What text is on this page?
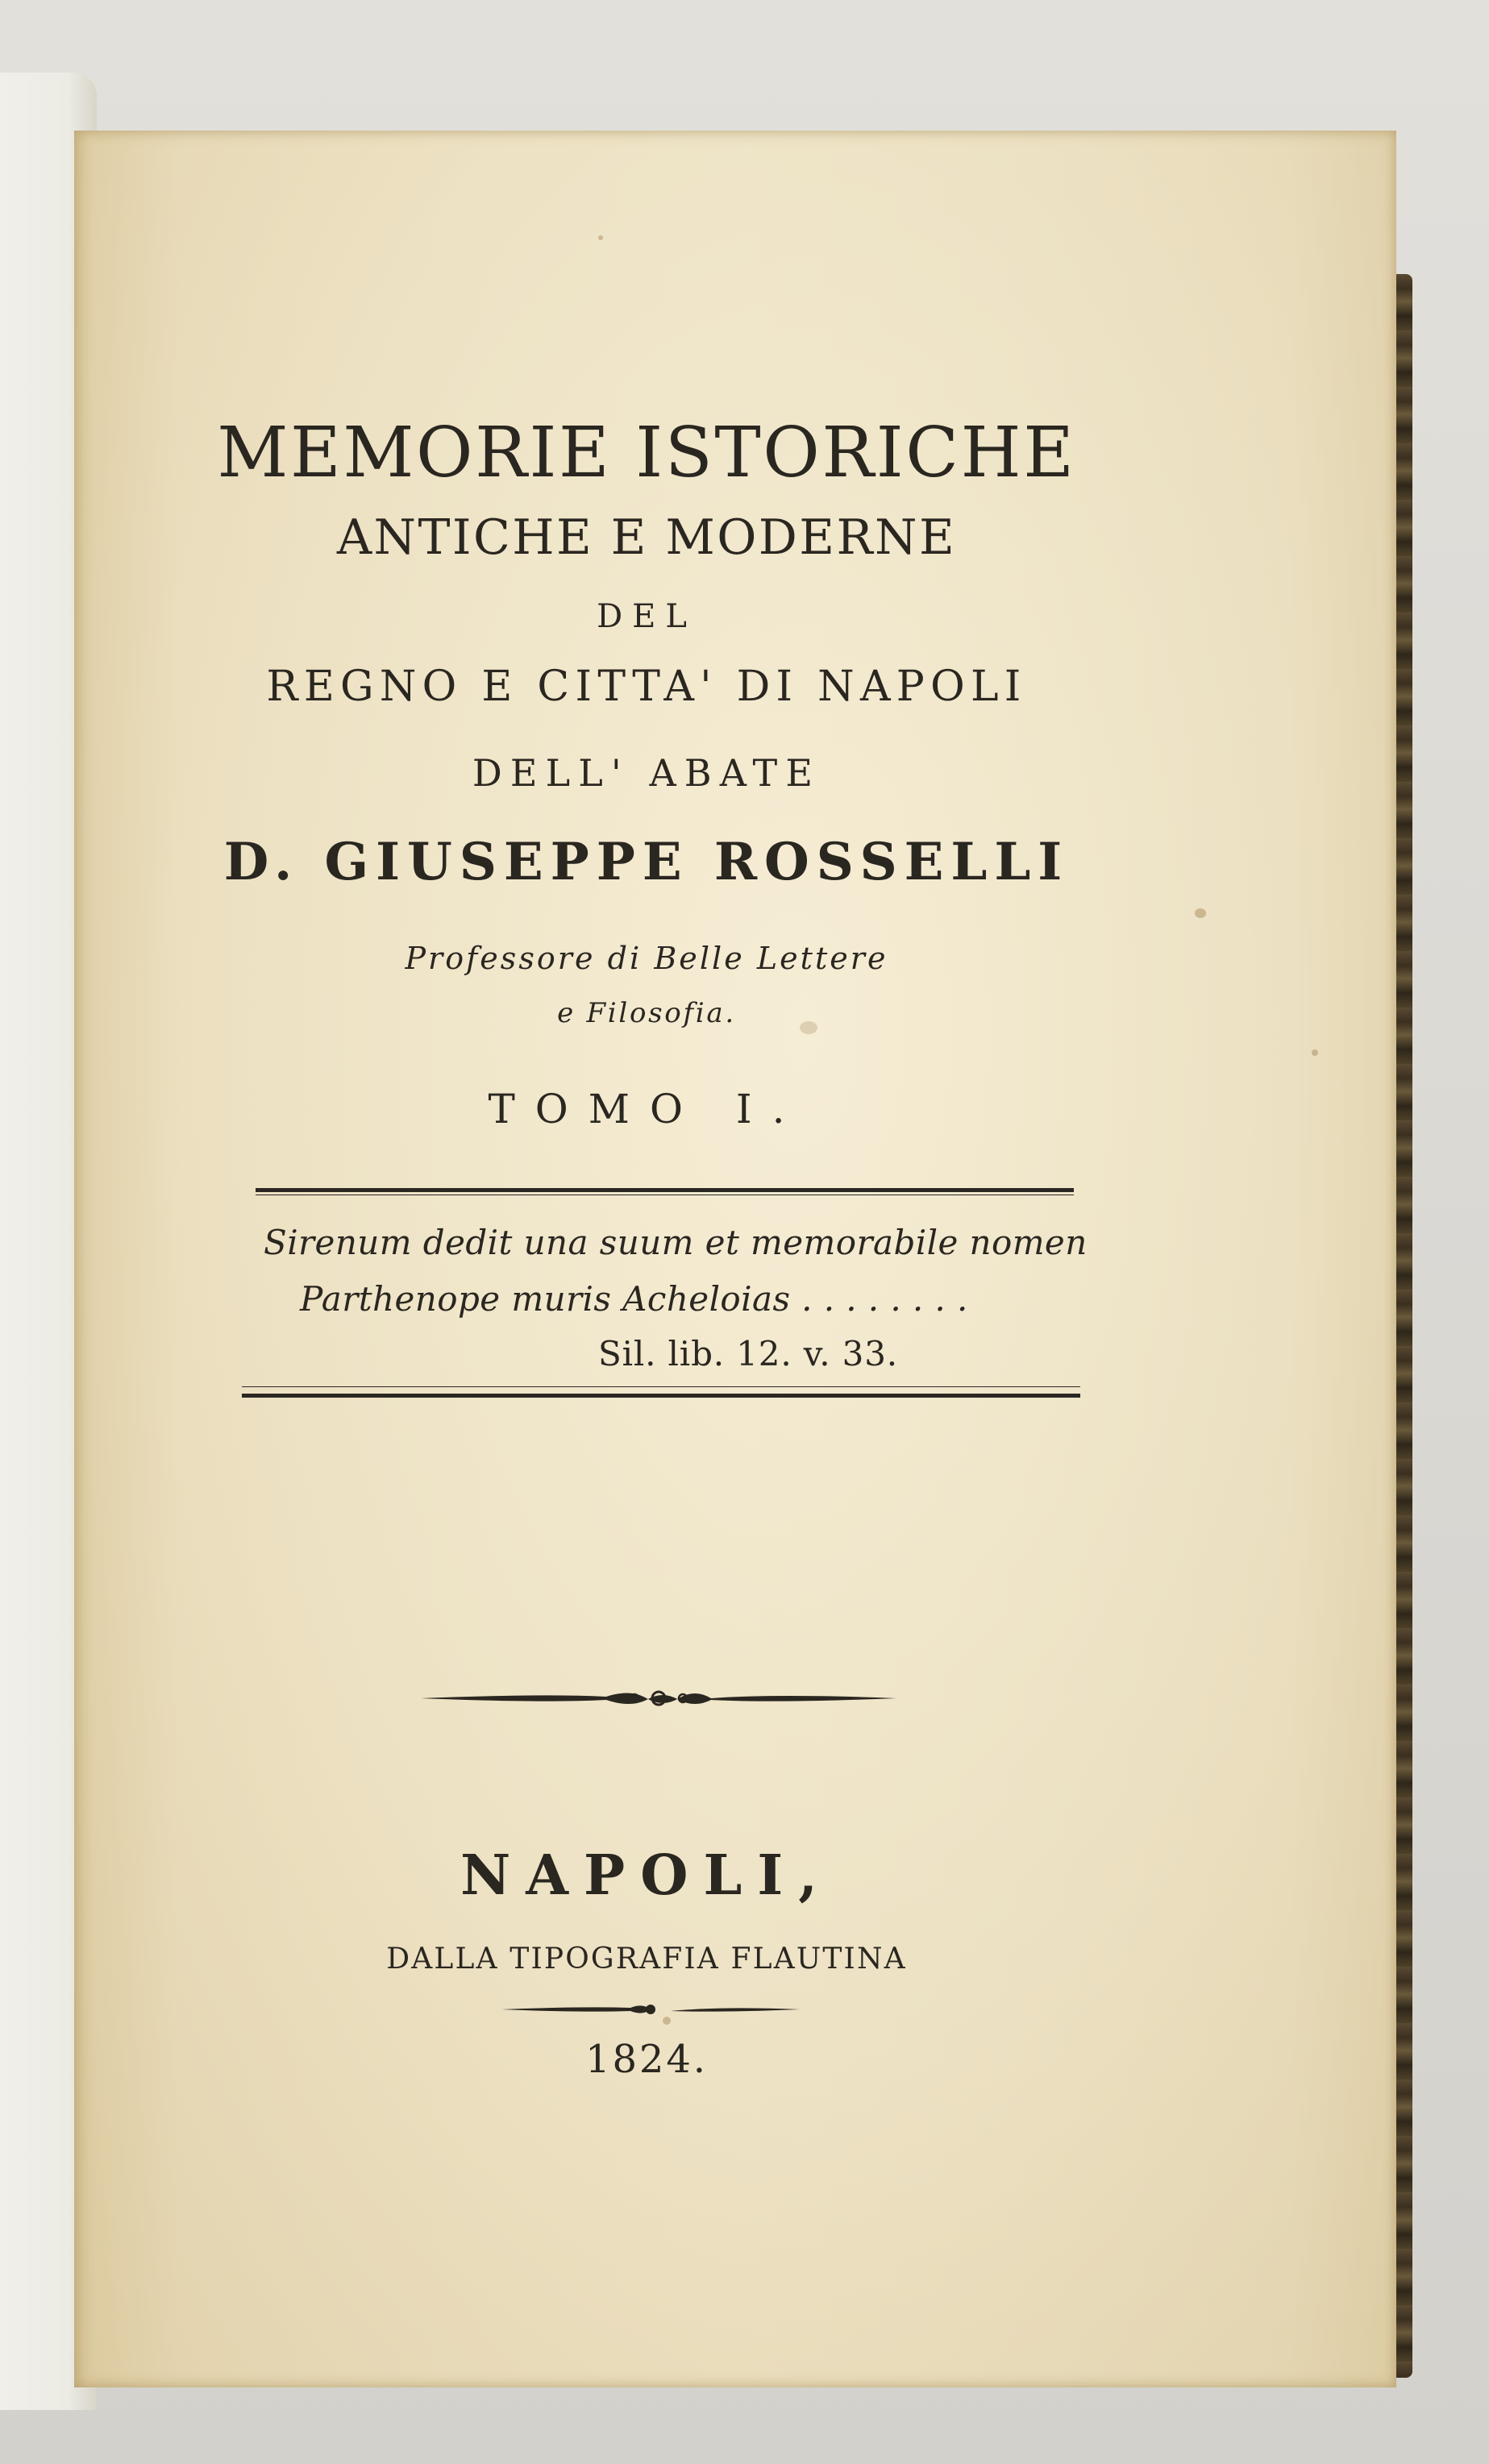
MEMORIE ISTORICHE
ANTICHE E MODERNE
DEL
REGNO E CITTA' DI NAPOLI
DELL' ABATE
D. GIUSEPPE ROSSELLI
Professore di Belle Lettere
e Filosofia.
TOMO I.
Sirenum dedit una suum et memorabile nomen
Parthenope muris Acheloias . . . . . . . .
Sil. lib. 12. v. 33.
NAPOLI,
DALLA TIPOGRAFIA FLAUTINA
1824.
